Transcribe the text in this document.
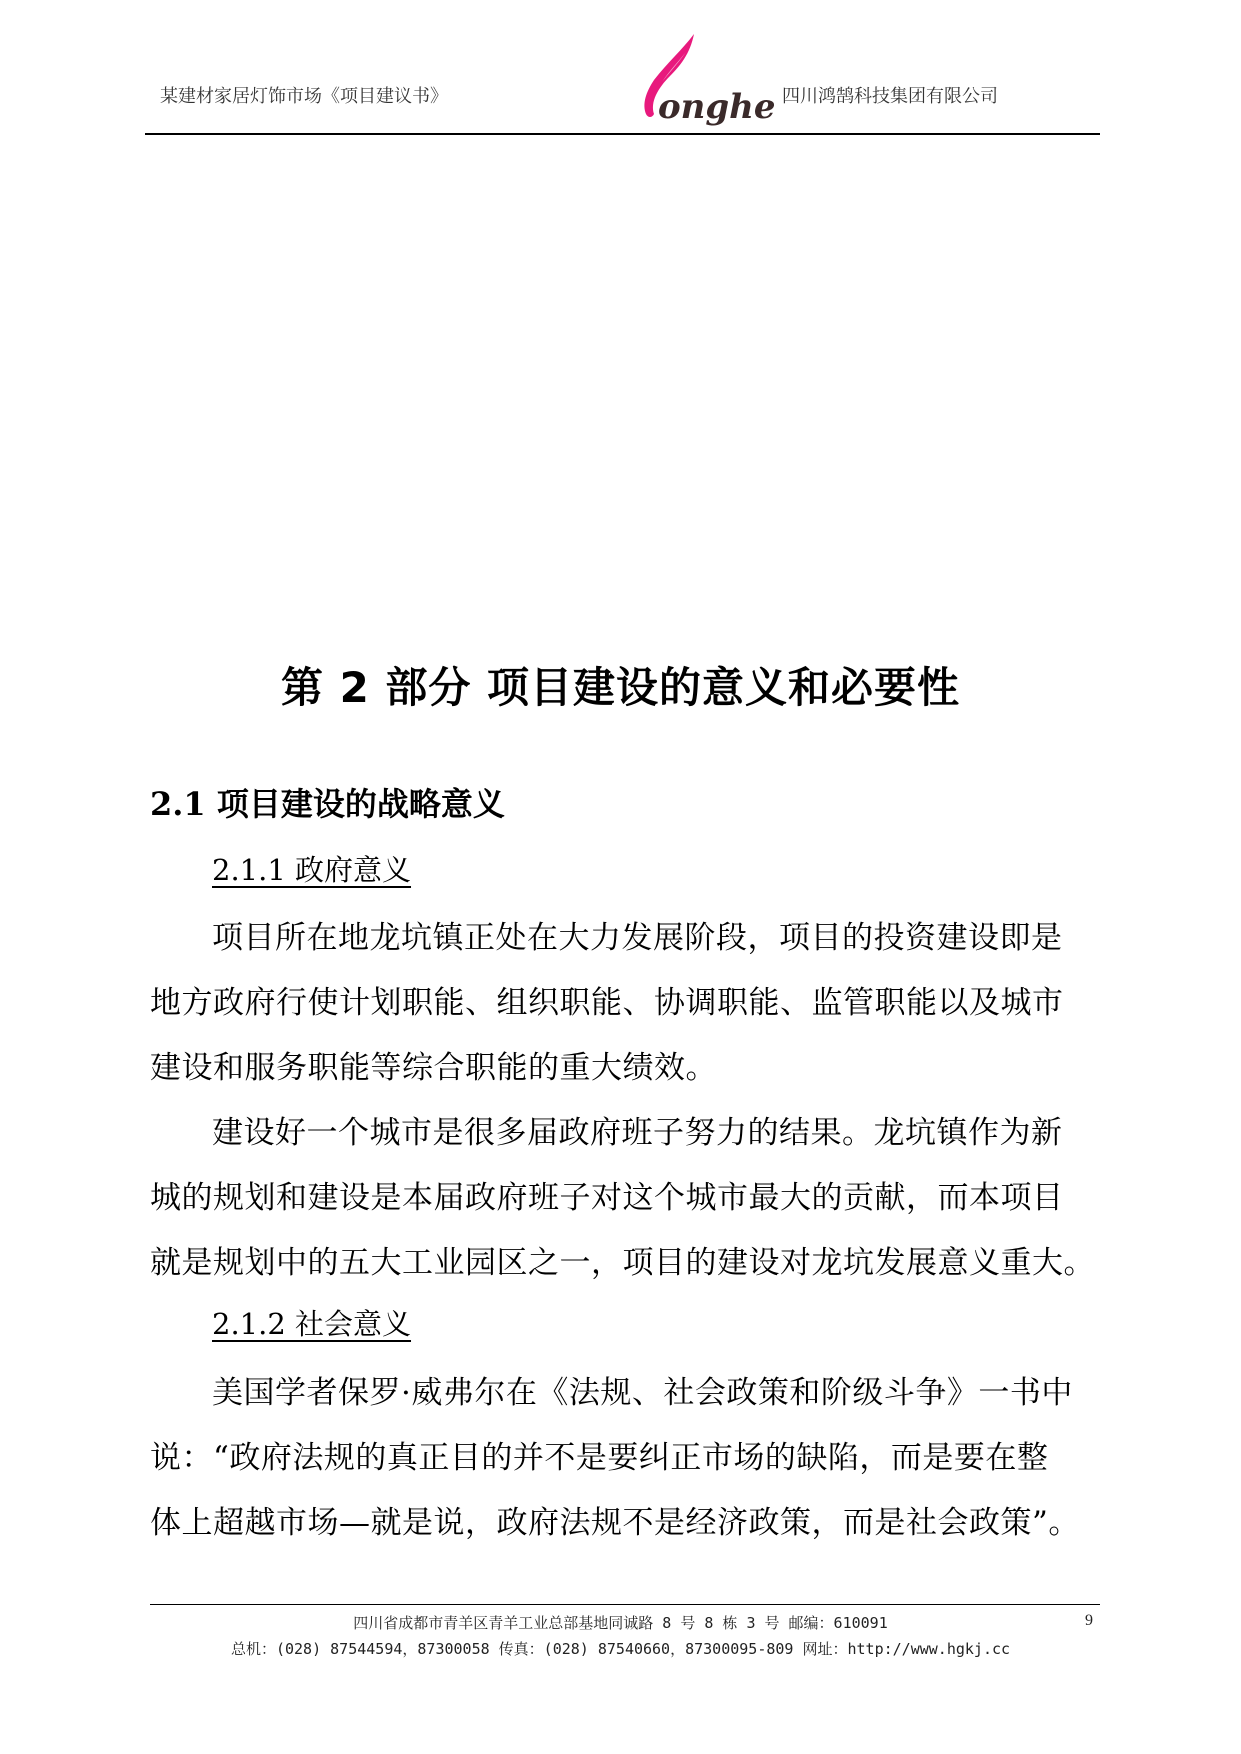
某建材家居灯饰市场《项目建议书》	onghe 四川鸿鹄科技集团有限公司
第 2 部分 项目建设的意义和必要性
2.1 项目建设的战略意义
2.1.1 政府意义
项目所在地龙坑镇正处在大力发展阶段，项目的投资建设即是
地方政府行使计划职能、组织职能、协调职能、监管职能以及城市
建设和服务职能等综合职能的重大绩效。
建设好一个城市是很多届政府班子努力的结果。龙坑镇作为新
城的规划和建设是本届政府班子对这个城市最大的贡献，而本项目
就是规划中的五大工业园区之一，项目的建设对龙坑发展意义重大。
2.1.2 社会意义
美国学者保罗·威弗尔在《法规、社会政策和阶级斗争》一书中
说：“政府法规的真正目的并不是要纠正市场的缺陷，而是要在整
体上超越市场—就是说，政府法规不是经济政策，而是社会政策”。
四川省成都市青羊区青羊工业总部基地同诚路 8 号 8 栋 3 号 邮编：610091
总机：(028) 87544594，87300058 传真：(028) 87540660，87300095-809 网址：http://www.hgkj.cc
9
